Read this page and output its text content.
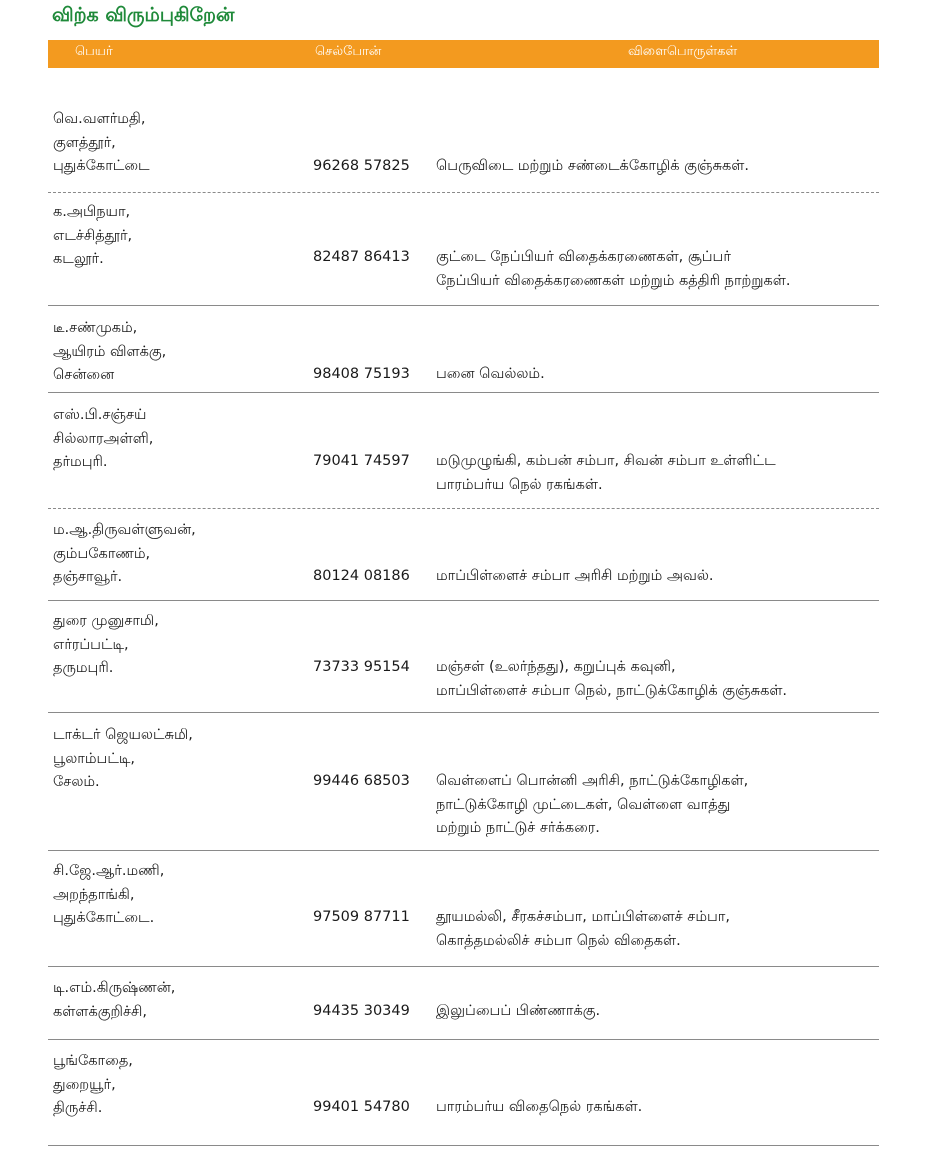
விற்க விரும்புகிறேன்
பெயர்	செல்போன்	விளைபொருள்கள்
வெ.வளர்மதி,
குளத்தூர்,
புதுக்கோட்டை	96268 57825 பெருவிடை மற்றும் சண்டைக்கோழிக் குஞ்சுகள்.
க.அபிநயா,
எடச்சித்தூர்,
கடலூர்.	82487 86413 குட்டை நேப்பியர் விதைக்கரணைகள், சூப்பர்
நேப்பியர் விதைக்கரணைகள் மற்றும் கத்திரி நாற்றுகள்.
டீ.சண்முகம்,
ஆயிரம் விளக்கு,
சென்னை	98408 75193 பனை வெல்லம்.
எஸ்.பி.சஞ்சய்
சில்லாரஅள்ளி,
தர்மபுரி.	79041 74597 மடுமுழுங்கி, கம்பன் சம்பா, சிவன் சம்பா உள்ளிட்ட
பாரம்பர்ய நெல் ரகங்கள்.
ம.ஆ.திருவள்ளுவன்,
கும்பகோணம்,
தஞ்சாவூர்.	80124 08186 மாப்பிள்ளைச் சம்பா அரிசி மற்றும் அவல்.
துரை முனுசாமி,
எர்ரப்பட்டி,
தருமபுரி.	73733 95154 மஞ்சள் (உலர்ந்தது), கறுப்புக் கவுனி,
மாப்பிள்ளைச் சம்பா நெல், நாட்டுக்கோழிக் குஞ்சுகள்.
டாக்டர் ஜெயலட்சுமி,
பூலாம்பட்டி,
சேலம்.	99446 68503 வெள்ளைப் பொன்னி அரிசி, நாட்டுக்கோழிகள்,
நாட்டுக்கோழி முட்டைகள், வெள்ளை வாத்து
மற்றும் நாட்டுச் சர்க்கரை.
சி.ஜே.ஆர்.மணி,
அறந்தாங்கி,
புதுக்கோட்டை.	97509 87711 தூயமல்லி, சீரகச்சம்பா, மாப்பிள்ளைச் சம்பா,
கொத்தமல்லிச் சம்பா நெல் விதைகள்.
டி.எம்.கிருஷ்ணன்,
கள்ளக்குறிச்சி,	94435 30349 இலுப்பைப் பிண்ணாக்கு.
பூங்கோதை,
துறையூர்,
திருச்சி.	99401 54780 பாரம்பர்ய விதைநெல் ரகங்கள்.
